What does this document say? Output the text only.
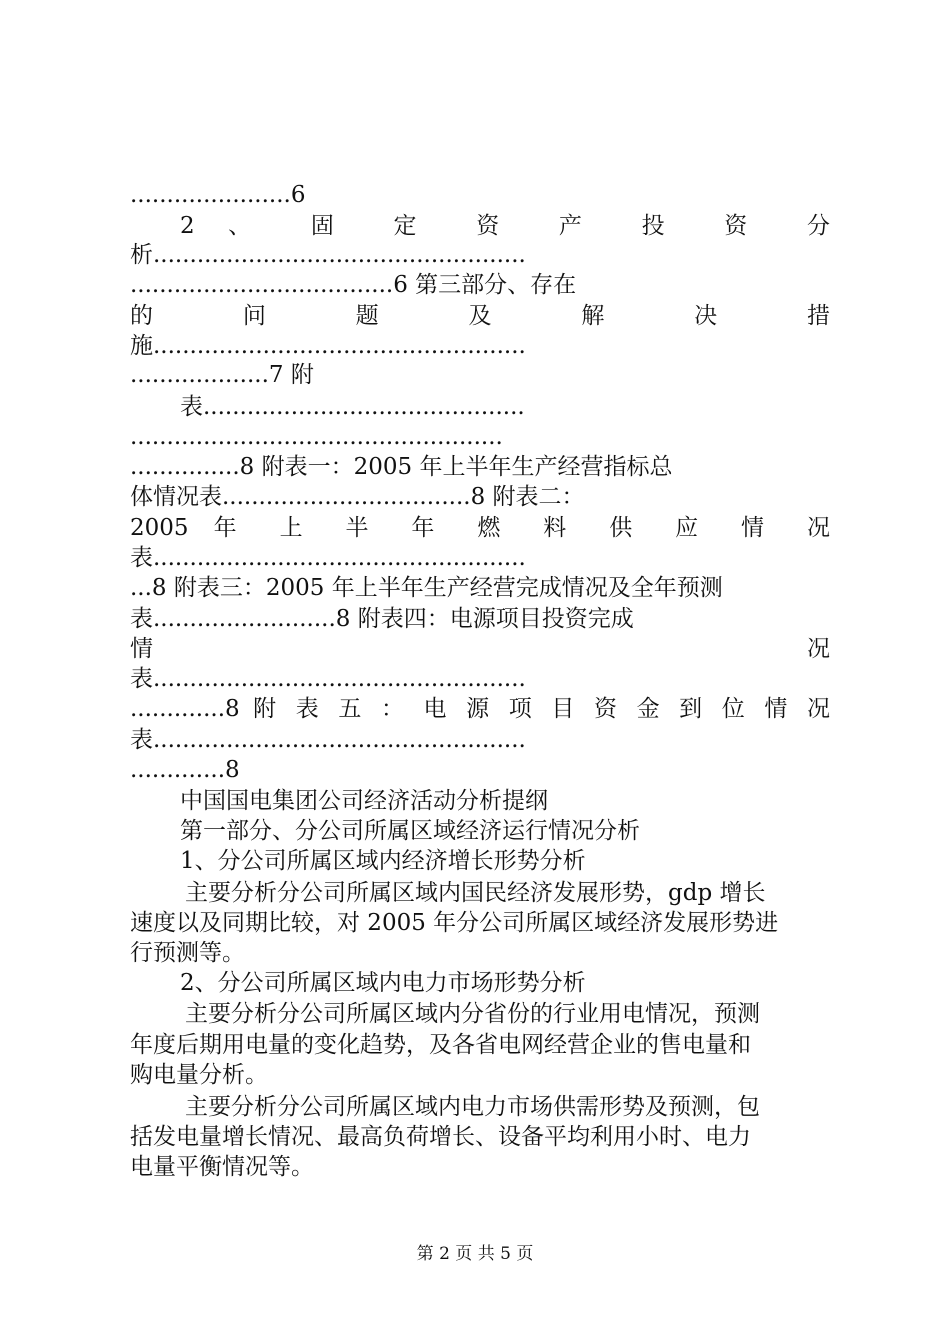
......................6
2 、 固 定 资 产 投 资 分
析...................................................
....................................6 第三部分、存在
的 问 题 及 解 决 措
施...................................................
...................7 附
表............................................
...................................................
...............8 附表一：2005 年上半年生产经营指标总
体情况表..................................8 附表二：
2005 年 上 半 年 燃 料 供 应 情 况
表...................................................
...8 附表三：2005 年上半年生产经营完成情况及全年预测
表.........................8 附表四：电源项目投资完成
情	况
表...................................................
.............8 附 表 五 ： 电 源 项 目 资 金 到 位 情 况
表...................................................
.............8
中国国电集团公司经济活动分析提纲
第一部分、分公司所属区域经济运行情况分析
1、分公司所属区域内经济增长形势分析
主要分析分公司所属区域内国民经济发展形势，gdp 增长
速度以及同期比较，对 2005 年分公司所属区域经济发展形势进
行预测等。
2、分公司所属区域内电力市场形势分析
主要分析分公司所属区域内分省份的行业用电情况，预测
年度后期用电量的变化趋势，及各省电网经营企业的售电量和
购电量分析。
主要分析分公司所属区域内电力市场供需形势及预测，包
括发电量增长情况、最高负荷增长、设备平均利用小时、电力
电量平衡情况等。
第 2 页 共 5 页
